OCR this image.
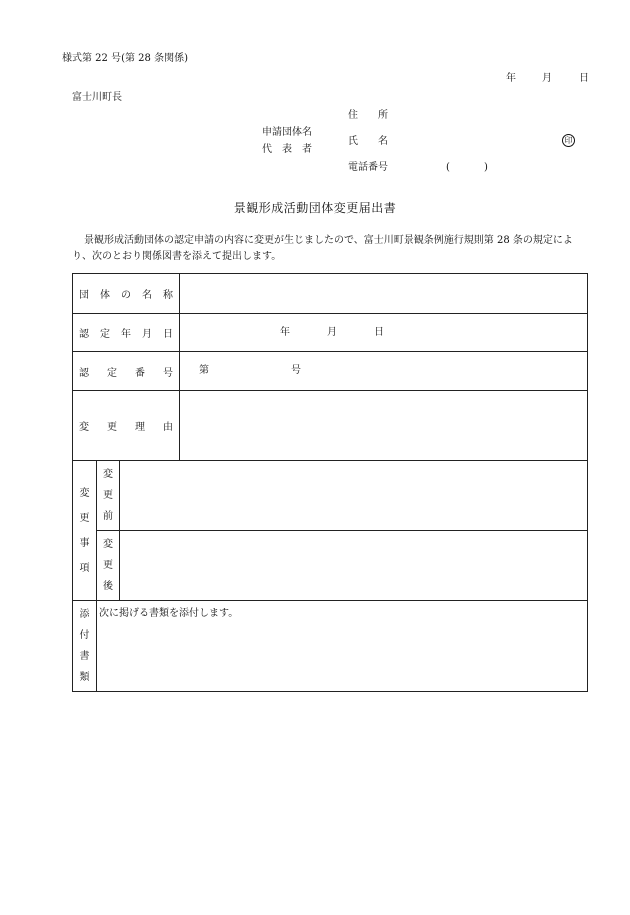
様式第 22 号(第 28 条関係)
年	月	日
富士川町長
住　　所
申請団体名
代　表　者
氏　　名	印
電話番号	(	)
景観形成活動団体変更届出書
景観形成活動団体の認定申請の内容に変更が生じましたので、富士川町景観条例施行規則第 28 条の規定により、次のとおり関係図書を添えて提出します。
団体の名称			
認定年月日			年 月 日

認定番号			第 号

変更理由			

変更事項	変更前		

	変更後		

添付書類	次に掲げる書類を添付します。		
